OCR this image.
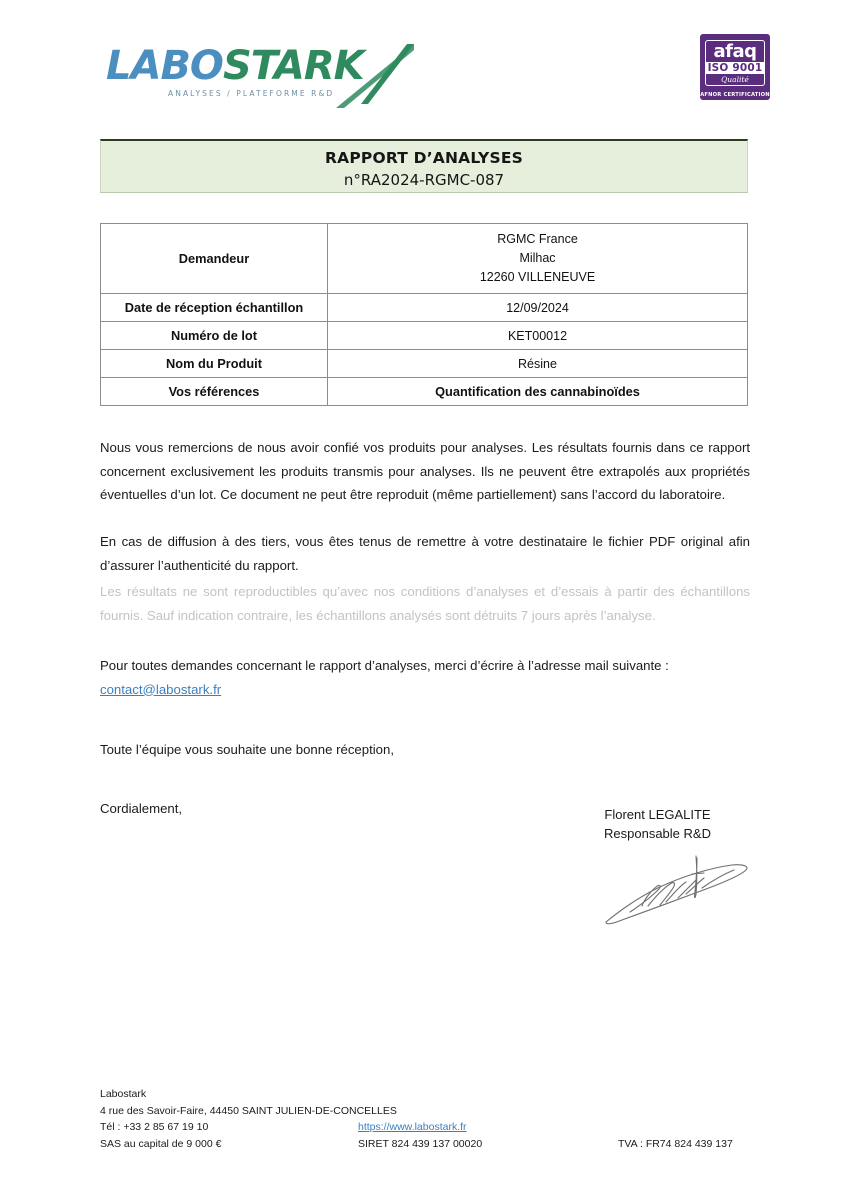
LABOSTARK
ANALYSES / PLATEFORME R&D
afaq
ISO 9001
Qualité
AFNOR CERTIFICATION
RAPPORT D’ANALYSES
n°RA2024-RGMC-087
Demandeur	RGMC France
Milhac
12260 VILLENEUVE

Date de réception échantillon	12/09/2024
Numéro de lot	KET00012
Nom du Produit	Résine
Vos références	Quantification des cannabinoïdes
Nous vous remercions de nous avoir confié vos produits pour analyses. Les résultats fournis dans ce rapport concernent exclusivement les produits transmis pour analyses. Ils ne peuvent être extrapolés aux propriétés éventuelles d’un lot. Ce document ne peut être reproduit (même partiellement) sans l’accord du laboratoire.
En cas de diffusion à des tiers, vous êtes tenus de remettre à votre destinataire le fichier PDF original afin d’assurer l’authenticité du rapport.
Les résultats ne sont reproductibles qu’avec nos conditions d’analyses et d’essais à partir des échantillons fournis. Sauf indication contraire, les échantillons analysés sont détruits 7 jours après l’analyse.
Pour toutes demandes concernant le rapport d’analyses, merci d’écrire à l’adresse mail suivante :
contact@labostark.fr
Toute l’équipe vous souhaite une bonne réception,
Cordialement,	Florent LEGALITE
Responsable R&D
Labostark
4 rue des Savoir-Faire, 44450 SAINT JULIEN-DE-CONCELLES
Tél : +33 2 85 67 19 10	https://www.labostark.fr
SAS au capital de 9 000 €	SIRET 824 439 137 00020	TVA : FR74 824 439 137
